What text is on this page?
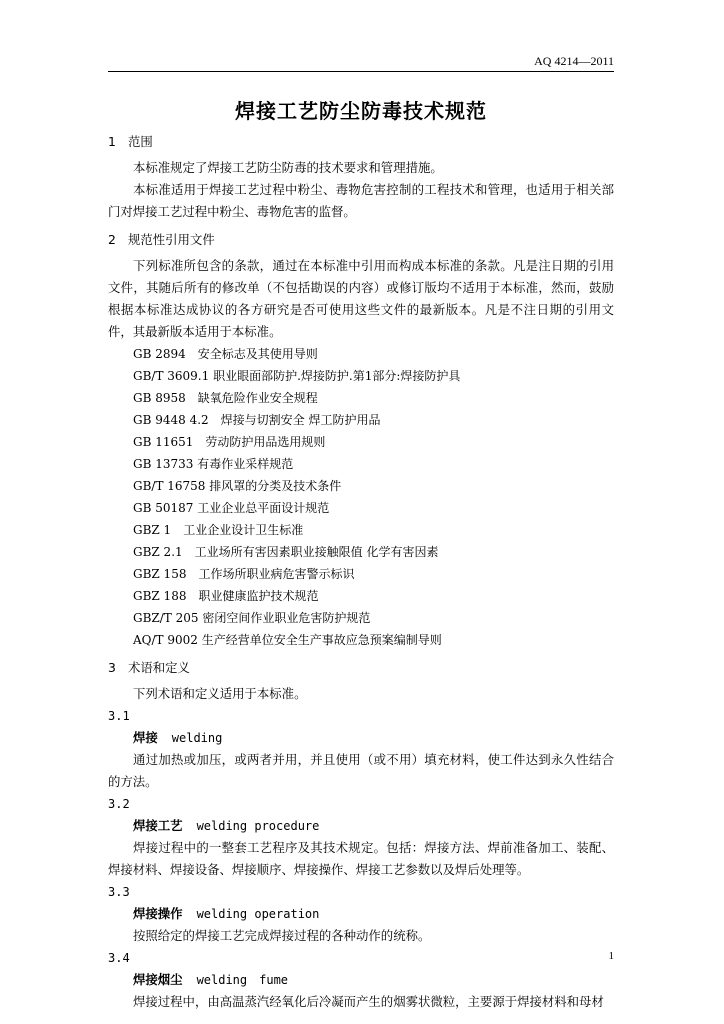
AQ 4214—2011
焊接工艺防尘防毒技术规范
1 范围

本标准规定了焊接工艺防尘防毒的技术要求和管理措施。

本标准适用于焊接工艺过程中粉尘、毒物危害控制的工程技术和管理，也适用于相关部门对焊接工艺过程中粉尘、毒物危害的监督。

2 规范性引用文件

下列标准所包含的条款，通过在本标准中引用而构成本标准的条款。凡是注日期的引用文件，其随后所有的修改单（不包括勘误的内容）或修订版均不适用于本标准，然而，鼓励根据本标准达成协议的各方研究是否可使用这些文件的最新版本。凡是不注日期的引用文件，其最新版本适用于本标准。

GB 2894　安全标志及其使用导则
GB/T 3609.1 职业眼面部防护.焊接防护.第1部分:焊接防护具
GB 8958　缺氧危险作业安全规程
GB 9448 4.2　焊接与切割安全 焊工防护用品
GB 11651　劳动防护用品选用规则
GB 13733 有毒作业采样规范
GB/T 16758 排风罩的分类及技术条件
GB 50187 工业企业总平面设计规范
GBZ 1　工业企业设计卫生标准
GBZ 2.1　工业场所有害因素职业接触限值 化学有害因素
GBZ 158　工作场所职业病危害警示标识
GBZ 188　职业健康监护技术规范
GBZ/T 205 密闭空间作业职业危害防护规范
AQ/T 9002 生产经营单位安全生产事故应急预案编制导则
3 术语和定义

下列术语和定义适用于本标准。

3.1
焊接 welding

通过加热或加压，或两者并用，并且使用（或不用）填充材料，使工件达到永久性结合的方法。

3.2
焊接工艺 welding procedure

焊接过程中的一整套工艺程序及其技术规定。包括：焊接方法、焊前准备加工、装配、焊接材料、焊接设备、焊接顺序、焊接操作、焊接工艺参数以及焊后处理等。

3.3
焊接操作 welding operation

按照给定的焊接工艺完成焊接过程的各种动作的统称。

3.4
焊接烟尘 welding　fume

焊接过程中，由高温蒸汽经氧化后冷凝而产生的烟雾状微粒，主要源于焊接材料和母材

1
